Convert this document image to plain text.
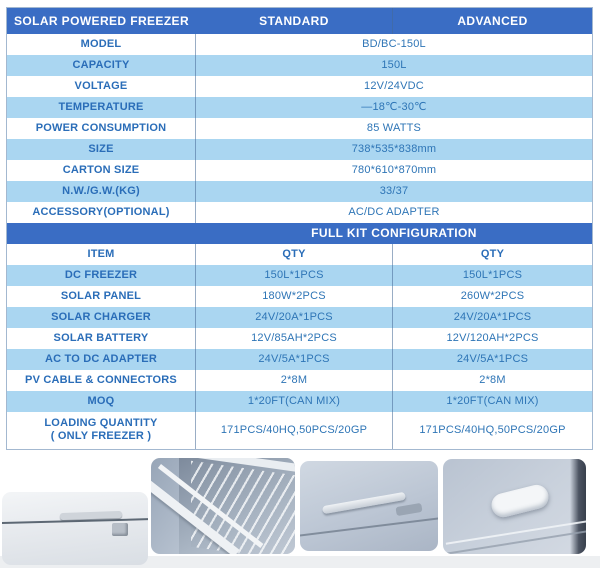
SOLAR POWERED FREEZER	STANDARD	ADVANCED
MODEL	BD/BC-150L
CAPACITY	150L
VOLTAGE	12V/24VDC
TEMPERATURE	—18℃-30℃
POWER CONSUMPTION	85 WATTS
SIZE	738*535*838mm
CARTON SIZE	780*610*870mm
N.W./G.W.(KG)	33/37
ACCESSORY(OPTIONAL)	AC/DC ADAPTER
FULL KIT CONFIGURATION
ITEM	QTY	QTY
DC FREEZER	150L*1PCS	150L*1PCS
SOLAR PANEL	180W*2PCS	260W*2PCS
SOLAR CHARGER	24V/20A*1PCS	24V/20A*1PCS
SOLAR BATTERY	12V/85AH*2PCS	12V/120AH*2PCS
AC TO DC ADAPTER	24V/5A*1PCS	24V/5A*1PCS
PV CABLE & CONNECTORS	2*8M	2*8M
MOQ	1*20FT(CAN MIX)	1*20FT(CAN MIX)
LOADING QUANTITY
( ONLY FREEZER )
171PCS/40HQ,50PCS/20GP	171PCS/40HQ,50PCS/20GP
